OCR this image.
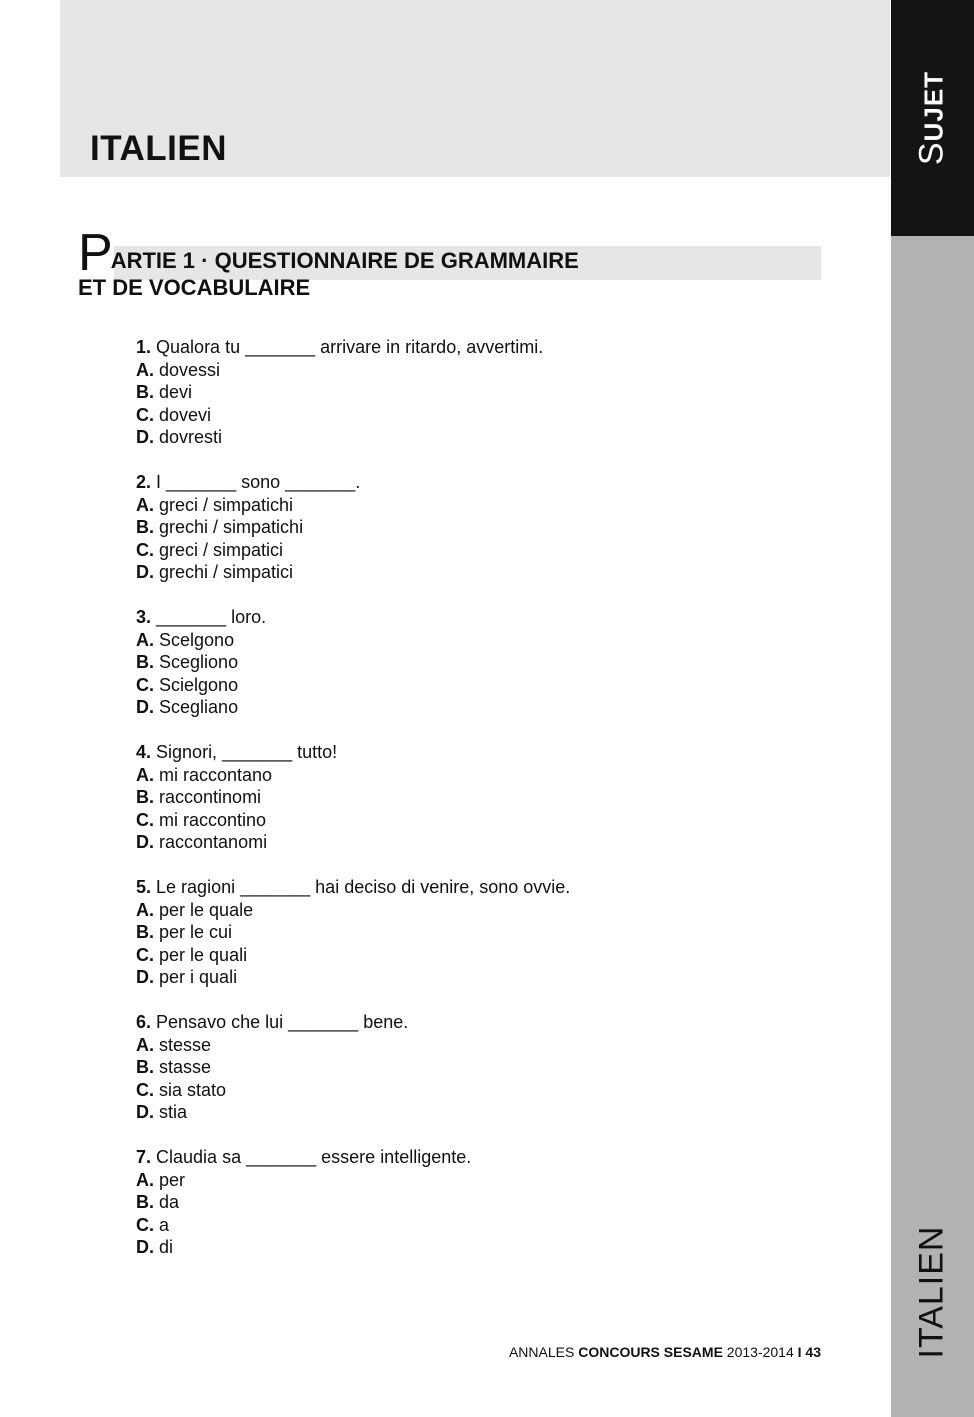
ITALIEN	SUJET
ITALIEN
PARTIE 1 · QUESTIONNAIRE DE GRAMMAIRE
ET DE VOCABULAIRE
1. Qualora tu _______ arrivare in ritardo, avvertimi.
A. dovessi
B. devi
C. dovevi
D. dovresti
2. I _______ sono _______.
A. greci / simpatichi
B. grechi / simpatichi
C. greci / simpatici
D. grechi / simpatici
3. _______ loro.
A. Scelgono
B. Sceglіono
C. Scielgono
D. Scegliano
4. Signori, _______ tutto!
A. mi raccontano
B. raccontinomi
C. mi raccontino
D. raccontanomi
5. Le ragioni _______ hai deciso di venire, sono ovvie.
A. per le quale
B. per le cui
C. per le quali
D. per i quali
6. Pensavo che lui _______ bene.
A. stesse
B. stasse
C. sia stato
D. stia
7. Claudia sa _______ essere intelligente.
A. per
B. da
C. a
D. di
ANNALES CONCOURS SESAME 2013-2014 I 43
